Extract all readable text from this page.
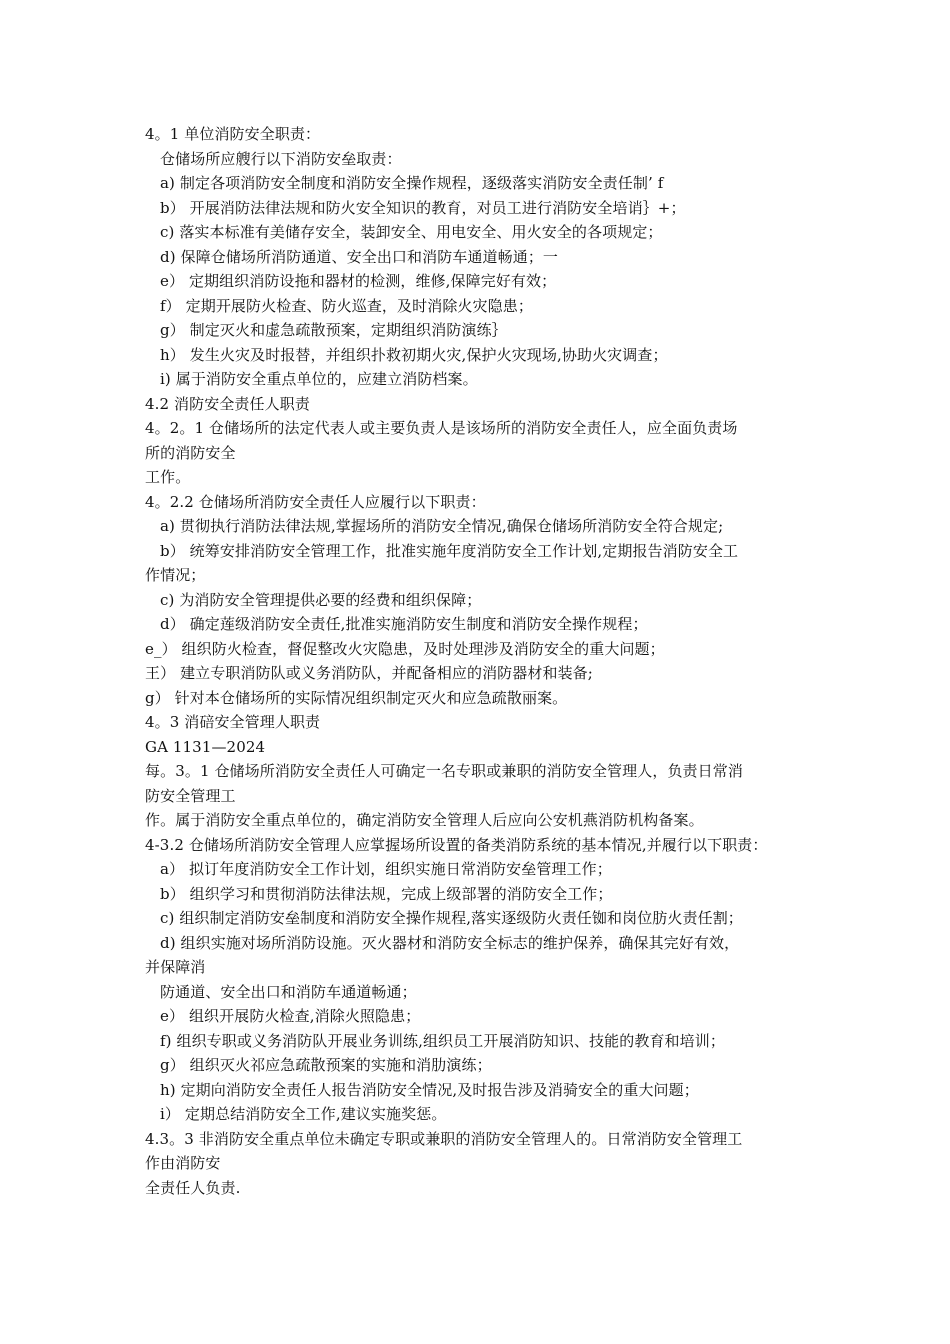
4。1 单位消防安全职责：
仓储场所应艘行以下消防安垒取责：
a) 制定各项消防安全制度和消防安全操作规程，逐级落实消防安全责任制’ f
b） 开展消防法律法规和防火安全知识的教育，对员工进行消防安全培诮｝+；
c) 落实本标准有美储存安全，装卸安全、用电安全、用火安全的各项规定；
d) 保障仓储场所消防通道、安全出口和消防车通道畅通；一
e） 定期组织消防设拖和器材的检测，维修,保障完好有效；
f） 定期开展防火检查、防火巡查，及时消除火灾隐患；
g） 制定灭火和虚急疏散预案，定期组织消防演练｝
h） 发生火灾及时报替，并组织扑救初期火灾,保护火灾现场,协助火灾调查；
i) 属于消防安全重点单位的，应建立消防档案。
4.2 消防安全责任人职责
4。2。1 仓储场所的法定代表人或主要负责人是该场所的消防安全责任人，应全面负责场
所的消防安全
工作。
4。2.2 仓储场所消防安全责任人应履行以下职责：
a) 贯彻执行消防法律法规,掌握场所的消防安全情况,确保仓储场所消防安全符合规定;
b） 统筹安排消防安全管理工作，批准实施年度消防安全工作计划,定期报告消防安全工
作情况；
c) 为消防安全管理提供必要的经费和组织保障；
d） 确定莲级消防安全责任,批准实施消防安生制度和消防安全操作规程；
e_） 组织防火检查，督促整改火灾隐患，及时处理涉及消防安全的重大问题；
王） 建立专职消防队或义务消防队，并配备相应的消防器材和装备;
g） 针对本仓储场所的实际情况组织制定灭火和应急疏散丽案。
4。3 消碚安全管理人职责
GA 1131—2024
每。3。1 仓储场所消防安全责任人可确定一名专职或兼职的消防安全管理人，负责日常消
防安全管理工
作。属于消防安全重点单位的，确定消防安全管理人后应向公安机燕消防机构备案。
4-3.2 仓储场所消防安全管理人应掌握场所设置的备类消防系统的基本情况,并履行以下职责：
a） 拟订年度消防安全工作计划，组织实施日常消防安垒管理工作；
b） 组织学习和贯彻消防法律法规，完成上级部署的消防安全工作；
c) 组织制定消防安垒制度和消防安全操作规程,落实逐级防火责任铷和岗位肪火责任割；
d) 组织实施对场所消防设施。灭火器材和消防安全标志的维护保养，确保其完好有效，
并保障消
防通道、安全出口和消防车通道畅通；
e） 组织开展防火检查,消除火照隐患；
f) 组织专职或义务消防队开展业务训练,组织员工开展消防知识、技能的教育和培训；
g） 组织灭火祁应急疏散预案的实施和消肋演练；
h) 定期向消防安全责任人报告消防安全情况,及时报告涉及消骑安全的重大问题；
i） 定期总结消防安全工作,建议实施奖惩。
4.3。3 非消防安全重点单位未确定专职或兼职的消防安全管理人的。日常消防安全管理工
作由消防安
全责任人负责.
